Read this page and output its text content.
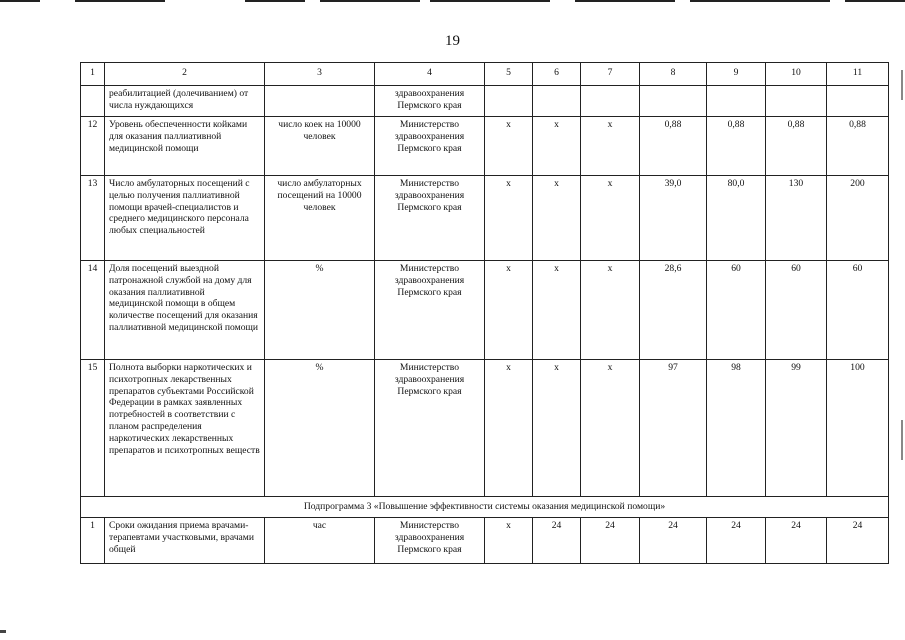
19
1	2	3	4	5	6	7	8	9	10	11
	реабилитацией (долечиванием) от числа нуждающихся		здравоохранения Пермского края							
12	Уровень обеспеченности койками для оказания паллиативной медицинской помощи	число коек на 10000 человек	Министерство здравоохранения Пермского края	x	x	x	0,88	0,88	0,88	0,88
13	Число амбулаторных посещений с целью получения паллиативной помощи врачей-специалистов и среднего медицинского персонала любых специальностей	число амбулаторных посещений на 10000 человек	Министерство здравоохранения Пермского края	x	x	x	39,0	80,0	130	200
14	Доля посещений выездной патронажной службой на дому для оказания паллиативной медицинской помощи в общем количестве посещений для оказания паллиативной медицинской помощи	%	Министерство здравоохранения Пермского края	x	x	x	28,6	60	60	60
15	Полнота выборки наркотических и психотропных лекарственных препаратов субъектами Российской Федерации в рамках заявленных потребностей в соответствии с планом распределения наркотических лекарственных препаратов и психотропных веществ	%	Министерство здравоохранения Пермского края	x	x	x	97	98	99	100
Подпрограмма 3 «Повышение эффективности системы оказания медицинской помощи»										
1	Сроки ожидания приема врачами-терапевтами участковыми, врачами общей	час	Министерство здравоохранения Пермского края	x	24	24	24	24	24	24
